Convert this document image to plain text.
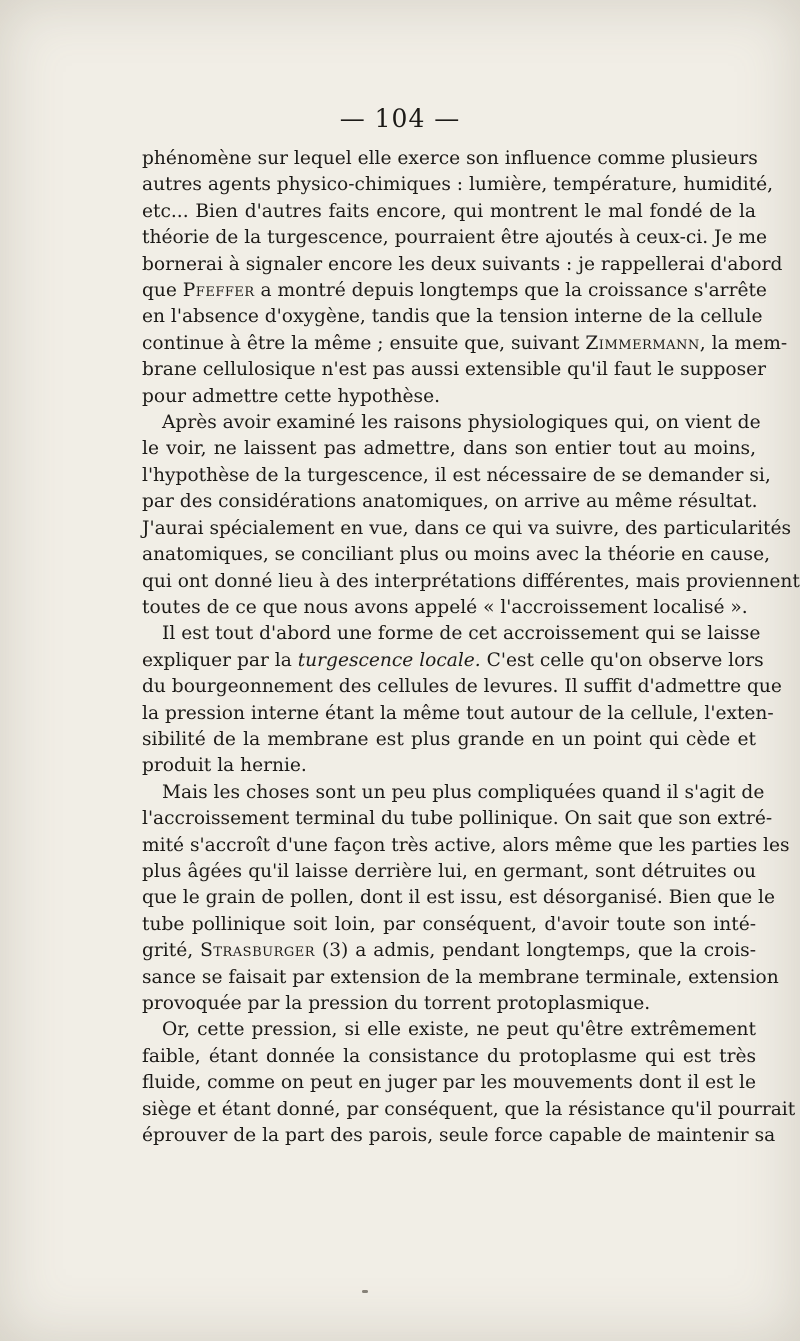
— 104 —
phénomène sur lequel elle exerce son influence comme plusieurs
autres agents physico-chimiques : lumière, température, humidité,
etc... Bien d'autres faits encore, qui montrent le mal fondé de la
théorie de la turgescence, pourraient être ajoutés à ceux-ci. Je me
bornerai à signaler encore les deux suivants : je rappellerai d'abord
que Pfeffer a montré depuis longtemps que la croissance s'arrête
en l'absence d'oxygène, tandis que la tension interne de la cellule
continue à être la même ; ensuite que, suivant Zimmermann, la mem-
brane cellulosique n'est pas aussi extensible qu'il faut le supposer
pour admettre cette hypothèse.
Après avoir examiné les raisons physiologiques qui, on vient de
le voir, ne laissent pas admettre, dans son entier tout au moins,
l'hypothèse de la turgescence, il est nécessaire de se demander si,
par des considérations anatomiques, on arrive au même résultat.
J'aurai spécialement en vue, dans ce qui va suivre, des particularités
anatomiques, se conciliant plus ou moins avec la théorie en cause,
qui ont donné lieu à des interprétations différentes, mais proviennent
toutes de ce que nous avons appelé « l'accroissement localisé ».
Il est tout d'abord une forme de cet accroissement qui se laisse
expliquer par la turgescence locale. C'est celle qu'on observe lors
du bourgeonnement des cellules de levures. Il suffit d'admettre que
la pression interne étant la même tout autour de la cellule, l'exten-
sibilité de la membrane est plus grande en un point qui cède et
produit la hernie.
Mais les choses sont un peu plus compliquées quand il s'agit de
l'accroissement terminal du tube pollinique. On sait que son extré-
mité s'accroît d'une façon très active, alors même que les parties les
plus âgées qu'il laisse derrière lui, en germant, sont détruites ou
que le grain de pollen, dont il est issu, est désorganisé. Bien que le
tube pollinique soit loin, par conséquent, d'avoir toute son inté-
grité, Strasburger (3) a admis, pendant longtemps, que la crois-
sance se faisait par extension de la membrane terminale, extension
provoquée par la pression du torrent protoplasmique.
Or, cette pression, si elle existe, ne peut qu'être extrêmement
faible, étant donnée la consistance du protoplasme qui est très
fluide, comme on peut en juger par les mouvements dont il est le
siège et étant donné, par conséquent, que la résistance qu'il pourrait
éprouver de la part des parois, seule force capable de maintenir sa
